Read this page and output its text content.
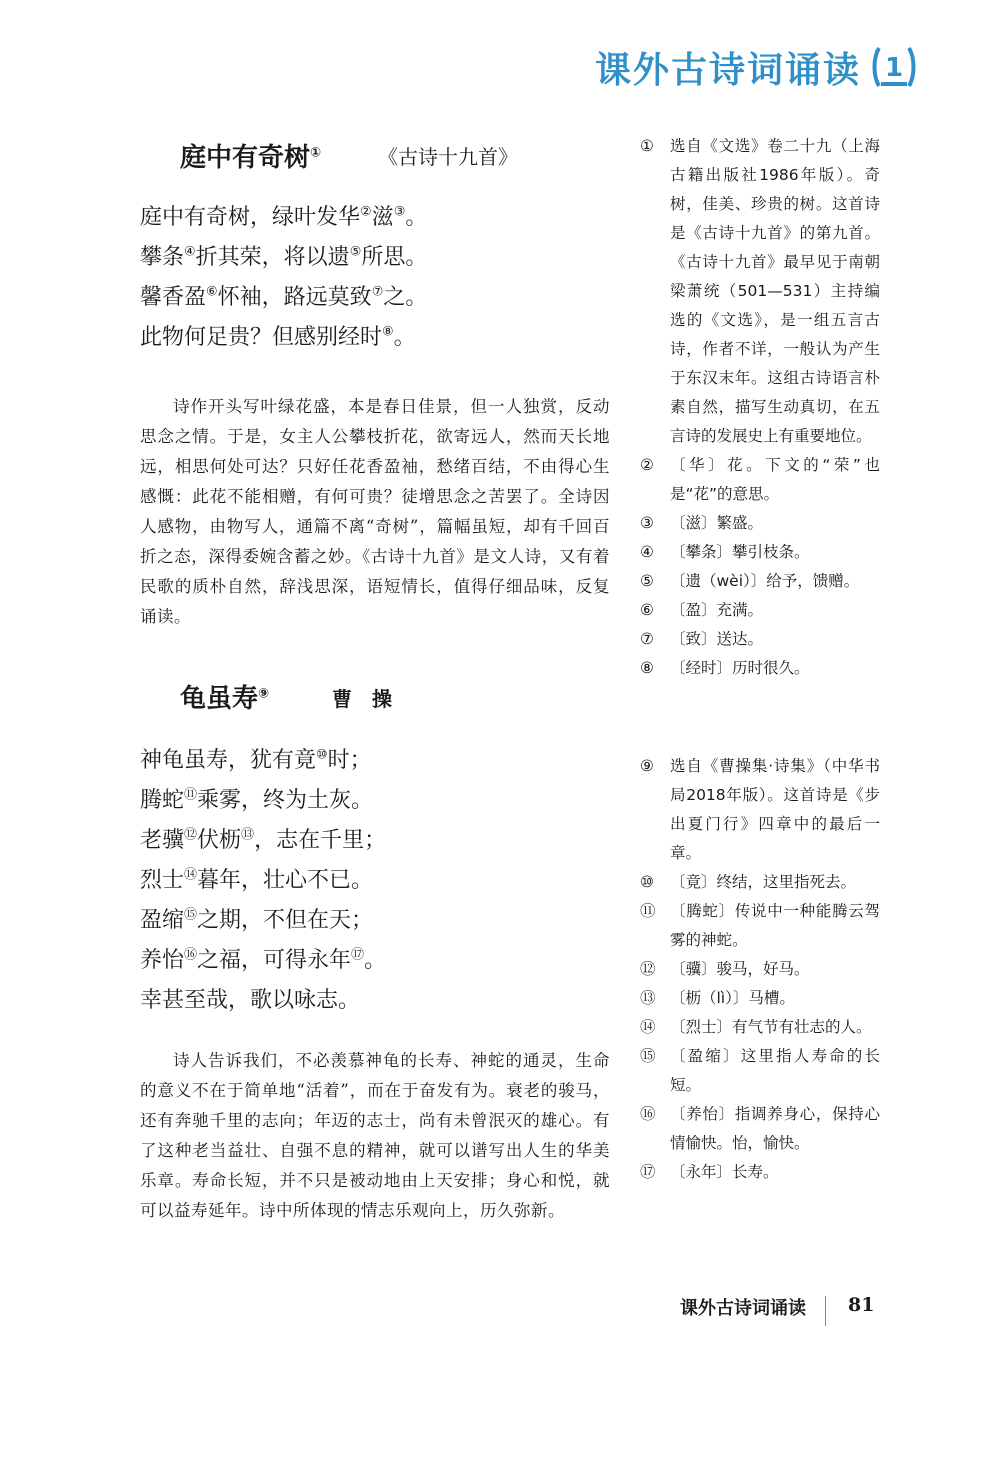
课外古诗词诵读 1
庭中有奇树①	《古诗十九首》
庭中有奇树，绿叶发华②滋③。
攀条④折其荣，将以遗⑤所思。
馨香盈⑥怀袖，路远莫致⑦之。
此物何足贵？但感别经时⑧。
诗作开头写叶绿花盛，本是春日佳景，但一人独赏，反动思念之情。于是，女主人公攀枝折花，欲寄远人，然而天长地远，相思何处可达？只好任花香盈袖，愁绪百结，不由得心生感慨：此花不能相赠，有何可贵？徒增思念之苦罢了。全诗因人感物，由物写人，通篇不离“奇树”，篇幅虽短，却有千回百折之态，深得委婉含蓄之妙。《古诗十九首》是文人诗，又有着民歌的质朴自然，辞浅思深，语短情长，值得仔细品味，反复诵读。
龟虽寿⑨	曹　操
神龟虽寿，犹有竟⑩时；
腾蛇⑪乘雾，终为土灰。
老骥⑫伏枥⑬，志在千里；
烈士⑭暮年，壮心不已。
盈缩⑮之期，不但在天；
养怡⑯之福，可得永年⑰。
幸甚至哉，歌以咏志。
诗人告诉我们，不必羡慕神龟的长寿、神蛇的通灵，生命的意义不在于简单地“活着”，而在于奋发有为。衰老的骏马，还有奔驰千里的志向；年迈的志士，尚有未曾泯灭的雄心。有了这种老当益壮、自强不息的精神，就可以谱写出人生的华美乐章。寿命长短，并不只是被动地由上天安排；身心和悦，就可以益寿延年。诗中所体现的情志乐观向上，历久弥新。
①	选自《文选》卷二十九（上海古籍出版社1986年版）。奇树，佳美、珍贵的树。这首诗是《古诗十九首》的第九首。《古诗十九首》最早见于南朝梁萧统（501—531）主持编选的《文选》，是一组五言古诗，作者不详，一般认为产生于东汉末年。这组古诗语言朴素自然，描写生动真切，在五言诗的发展史上有重要地位。
②	〔华〕花。下文的“荣”也是“花”的意思。
③	〔滋〕繁盛。
④	〔攀条〕攀引枝条。
⑤	〔遗（wèi）〕给予，馈赠。
⑥	〔盈〕充满。
⑦	〔致〕送达。
⑧	〔经时〕历时很久。
⑨	选自《曹操集·诗集》（中华书局2018年版）。这首诗是《步出夏门行》四章中的最后一章。
⑩	〔竟〕终结，这里指死去。
⑪ 〔腾蛇〕传说中一种能腾云驾雾的神蛇。
⑫ 〔骥〕骏马，好马。
⑬ 〔枥（lì）〕马槽。
⑭ 〔烈士〕有气节有壮志的人。
⑮ 〔盈缩〕这里指人寿命的长短。
⑯ 〔养怡〕指调养身心，保持心情愉快。怡，愉快。
⑰ 〔永年〕长寿。
课外古诗词诵读 81
